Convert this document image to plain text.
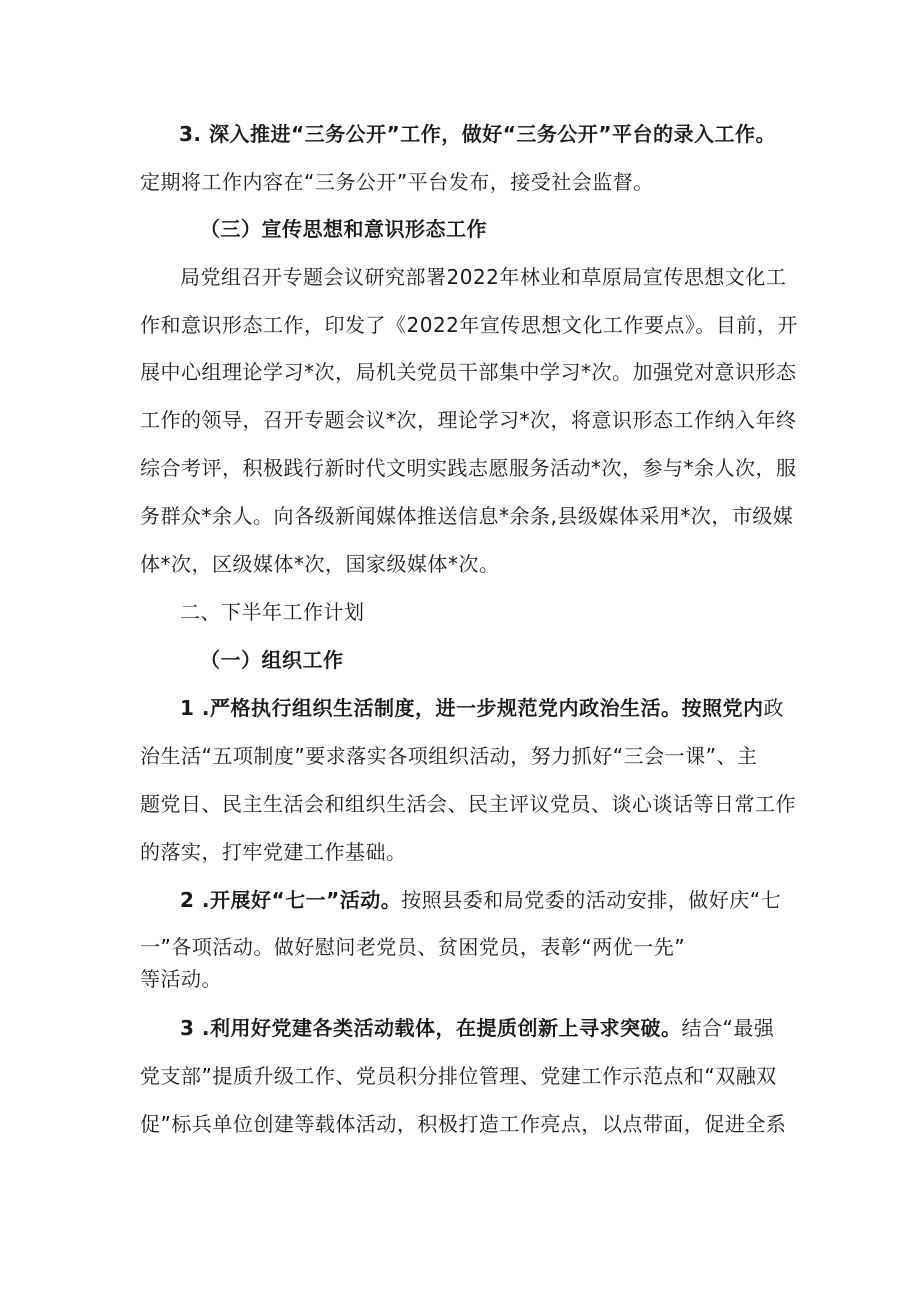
3. 深入推进“三务公开”工作，做好“三务公开”平台的录入工作。
定期将工作内容在“三务公开”平台发布，接受社会监督。
（三）宣传思想和意识形态工作
局党组召开专题会议研究部署2022年林业和草原局宣传思想文化工
作和意识形态工作，印发了《2022年宣传思想文化工作要点》。目前，开
展中心组理论学习*次，局机关党员干部集中学习*次。加强党对意识形态
工作的领导，召开专题会议*次，理论学习*次，将意识形态工作纳入年终
综合考评，积极践行新时代文明实践志愿服务活动*次，参与*余人次，服
务群众*余人。向各级新闻媒体推送信息*余条,县级媒体采用*次，市级媒
体*次，区级媒体*次，国家级媒体*次。
二、下半年工作计划
（一）组织工作
1 .严格执行组织生活制度，进一步规范党内政治生活。按照党内政
治生活“五项制度”要求落实各项组织活动，努力抓好“三会一课”、主
题党日、民主生活会和组织生活会、民主评议党员、谈心谈话等日常工作
的落实，打牢党建工作基础。
2 .开展好“七一”活动。按照县委和局党委的活动安排，做好庆“七
一”各项活动。做好慰问老党员、贫困党员，表彰“两优一先”
等活动。
3 .利用好党建各类活动载体，在提质创新上寻求突破。结合“最强
党支部”提质升级工作、党员积分排位管理、党建工作示范点和“双融双
促”标兵单位创建等载体活动，积极打造工作亮点，以点带面，促进全系
